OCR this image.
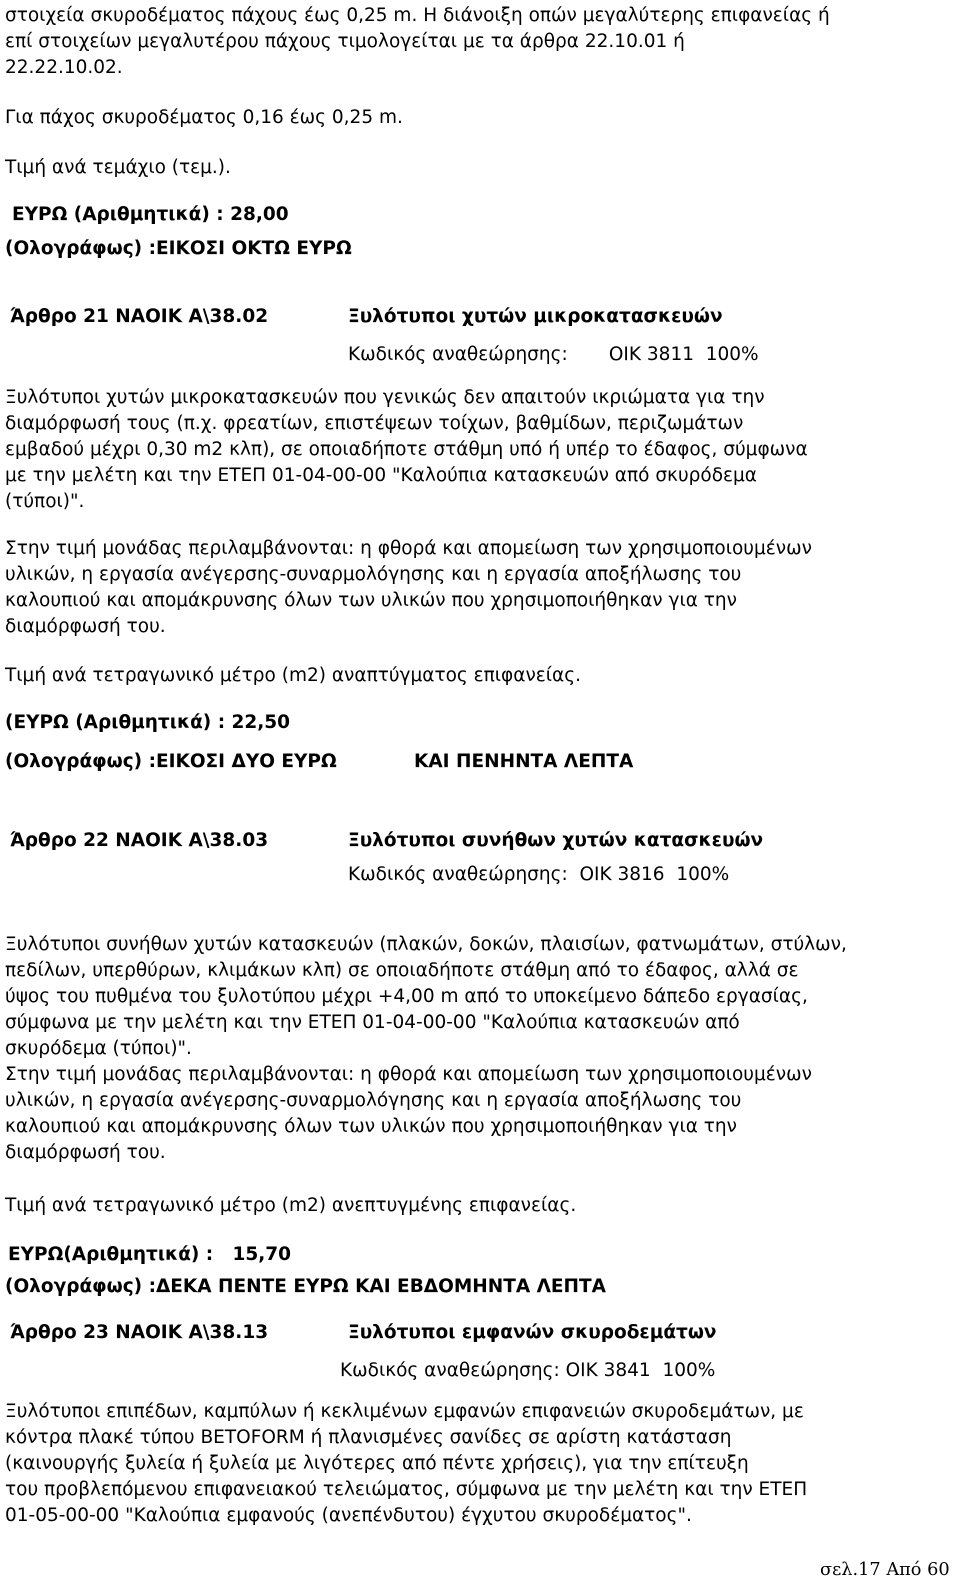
στοιχεία σκυροδέματος πάχους έως 0,25 m. Η διάνοιξη οπών μεγαλύτερης επιφανείας ή
επί στοιχείων μεγαλυτέρου πάχους τιμολογείται με τα άρθρα 22.10.01 ή
22.22.10.02.
Για πάχος σκυροδέματος 0,16 έως 0,25 m.
Τιμή ανά τεμάχιο (τεμ.).
ΕΥΡΩ (Αριθμητικά) : 28,00
(Ολογράφως) :ΕΙΚΟΣΙ ΟΚΤΩ ΕΥΡΩ
Άρθρο 21 ΝΑΟΙΚ Α\38.02	Ξυλότυποι χυτών μικροκατασκευών
Κωδικός αναθεώρησης:       ΟΙΚ 3811  100%
Ξυλότυποι χυτών μικροκατασκευών που γενικώς δεν απαιτούν ικριώματα για την
διαμόρφωσή τους (π.χ. φρεατίων, επιστέψεων τοίχων, βαθμίδων, περιζωμάτων
εμβαδού μέχρι 0,30 m2 κλπ), σε οποιαδήποτε στάθμη υπό ή υπέρ το έδαφος, σύμφωνα
με την μελέτη και την ΕΤΕΠ 01-04-00-00 "Καλούπια κατασκευών από σκυρόδεμα
(τύποι)".
Στην τιμή μονάδας περιλαμβάνονται: η φθορά και απομείωση των χρησιμοποιουμένων
υλικών, η εργασία ανέγερσης-συναρμολόγησης και η εργασία αποξήλωσης του
καλουπιού και απομάκρυνσης όλων των υλικών που χρησιμοποιήθηκαν για την
διαμόρφωσή του.
Τιμή ανά τετραγωνικό μέτρο (m2) αναπτύγματος επιφανείας.
(ΕΥΡΩ (Αριθμητικά) : 22,50
(Ολογράφως) :ΕΙΚΟΣΙ ΔΥΟ ΕΥΡΩ	ΚΑΙ ΠΕΝΗΝΤΑ ΛΕΠΤΑ
Άρθρο 22 ΝΑΟΙΚ Α\38.03	Ξυλότυποι συνήθων χυτών κατασκευών
Κωδικός αναθεώρησης:  ΟΙΚ 3816  100%
Ξυλότυποι συνήθων χυτών κατασκευών (πλακών, δοκών, πλαισίων, φατνωμάτων, στύλων,
πεδίλων, υπερθύρων, κλιμάκων κλπ) σε οποιαδήποτε στάθμη από το έδαφος, αλλά σε
ύψος του πυθμένα του ξυλοτύπου μέχρι +4,00 m από το υποκείμενο δάπεδο εργασίας,
σύμφωνα με την μελέτη και την ΕΤΕΠ 01-04-00-00 "Καλούπια κατασκευών από
σκυρόδεμα (τύποι)".
Στην τιμή μονάδας περιλαμβάνονται: η φθορά και απομείωση των χρησιμοποιουμένων
υλικών, η εργασία ανέγερσης-συναρμολόγησης και η εργασία αποξήλωσης του
καλουπιού και απομάκρυνσης όλων των υλικών που χρησιμοποιήθηκαν για την
διαμόρφωσή του.
Τιμή ανά τετραγωνικό μέτρο (m2) ανεπτυγμένης επιφανείας.
ΕΥΡΩ(Αριθμητικά) :   15,70
(Ολογράφως) :ΔΕΚΑ ΠΕΝΤΕ ΕΥΡΩ ΚΑΙ ΕΒΔΟΜΗΝΤΑ ΛΕΠΤΑ
Άρθρο 23 ΝΑΟΙΚ Α\38.13	Ξυλότυποι εμφανών σκυροδεμάτων
Κωδικός αναθεώρησης: ΟΙΚ 3841  100%
Ξυλότυποι επιπέδων, καμπύλων ή κεκλιμένων εμφανών επιφανειών σκυροδεμάτων, με
κόντρα πλακέ τύπου BETOFORM ή πλανισμένες σανίδες σε αρίστη κατάσταση
(καινουργής ξυλεία ή ξυλεία με λιγότερες από πέντε χρήσεις), για την επίτευξη
του προβλεπόμενου επιφανειακού τελειώματος, σύμφωνα με την μελέτη και την ΕΤΕΠ
01-05-00-00 "Καλούπια εμφανούς (ανεπένδυτου) έγχυτου σκυροδέματος".
σελ.17 Από 60
